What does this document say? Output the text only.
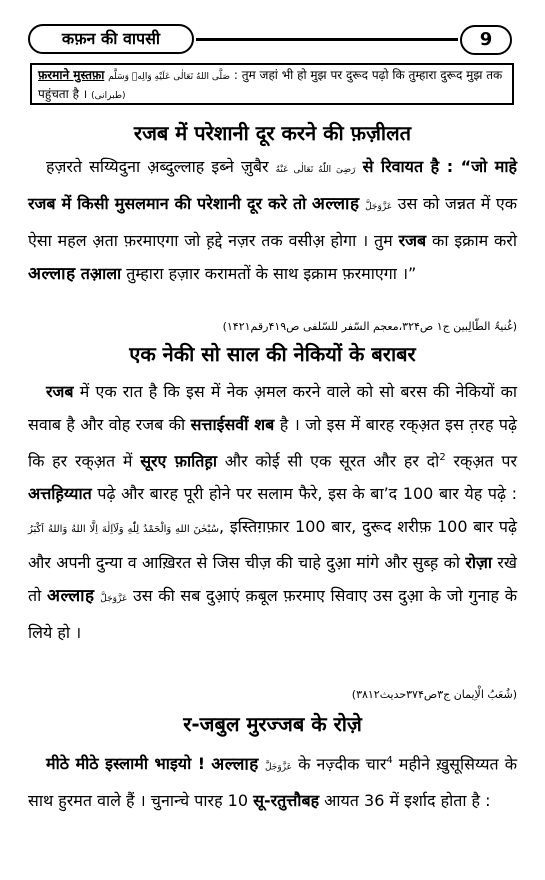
कफ़न की वापसी	9
फ़रमाने मुस्तफ़ा صَلَّی اللهُ تَعَالٰی عَلَيْهِ وَالِهٖ وَسَلَّم : तुम जहां भी हो मुझ पर दुरूद पढ़ो कि तुम्हारा दुरूद मुझ तक पहुंचता है । (طبرانی)
रजब में परेशानी दूर करने की फ़ज़ीलत

हज़रते सय्यिदुना अ़ब्दुल्लाह इब्ने ज़ुबैर رَضِیَ اللّٰهُ تَعَالٰی عَنْهُ से रिवायत है : “जो माहे रजब में किसी मुसलमान की परेशानी दूर करे तो अल्लाह عَزَّوَجَلَّ उस को जन्नत में एक ऐसा महल अ़ता फ़रमाएगा जो ह़द्दे नज़र तक वसीअ़ होगा । तुम रजब का इक्राम करो अल्लाह तआ़ला तुम्हारा हज़ार करामतों के साथ इक्राम फ़रमाएगा ।”

(غُنیۃُ الطّالِبین ج۱ ص۳۲۴،معجم السّفر للسّلفی ص۴۱۹رقم۱۴۲۱)
एक नेकी सो साल की नेकियों के बराबर

रजब में एक रात है कि इस में नेक अ़मल करने वाले को सो बरस की नेकियों का सवाब है और वोह रजब की सत्ताईसवीं शब है । जो इस में बारह रक्अ़त इस त़रह पढ़े कि हर रक्अ़त में सूरए फ़ातिह़ा और कोई सी एक सूरत और हर दो$^2$ रक्अ़त पर अत्तह़िय्यात पढ़े और बारह पूरी होने पर सलाम फैरे, इस के बा’द 100 बार येह पढ़े : سُبْحٰنَ اللهِ وَالْحَمْدُ لِلّٰهِ وَلَآاِلٰهَ اِلَّا اللهُ وَاللهُ اَکْبَرُ, इस्तिग़फ़ार 100 बार, दुरूद शरीफ़ 100 बार पढ़े और अपनी दुन्या व आख़िरत से जिस चीज़ की चाहे दुआ़ मांगे और सुब्ह़ को रोज़ा रखे तो अल्लाह عَزَّوَجَلَّ उस की सब दुआ़एं क़बूल फ़रमाए सिवाए उस दुआ़ के जो गुनाह के लिये हो ।

(شُعَبُ الْاِیمان ج۳ص۳۷۴حدیث۳۸۱۲)
र-जबुल मुरज्जब के रोज़े

मीठे मीठे इस्लामी भाइयो ! अल्लाह عَزَّوَجَلَّ के नज़्दीक चार$^4$ महीने ख़ुसूसिय्यत के साथ हुरमत वाले हैं । चुनान्चे पारह 10 सू-रतुत्तौबह आयत 36 में इर्शाद होता है :
